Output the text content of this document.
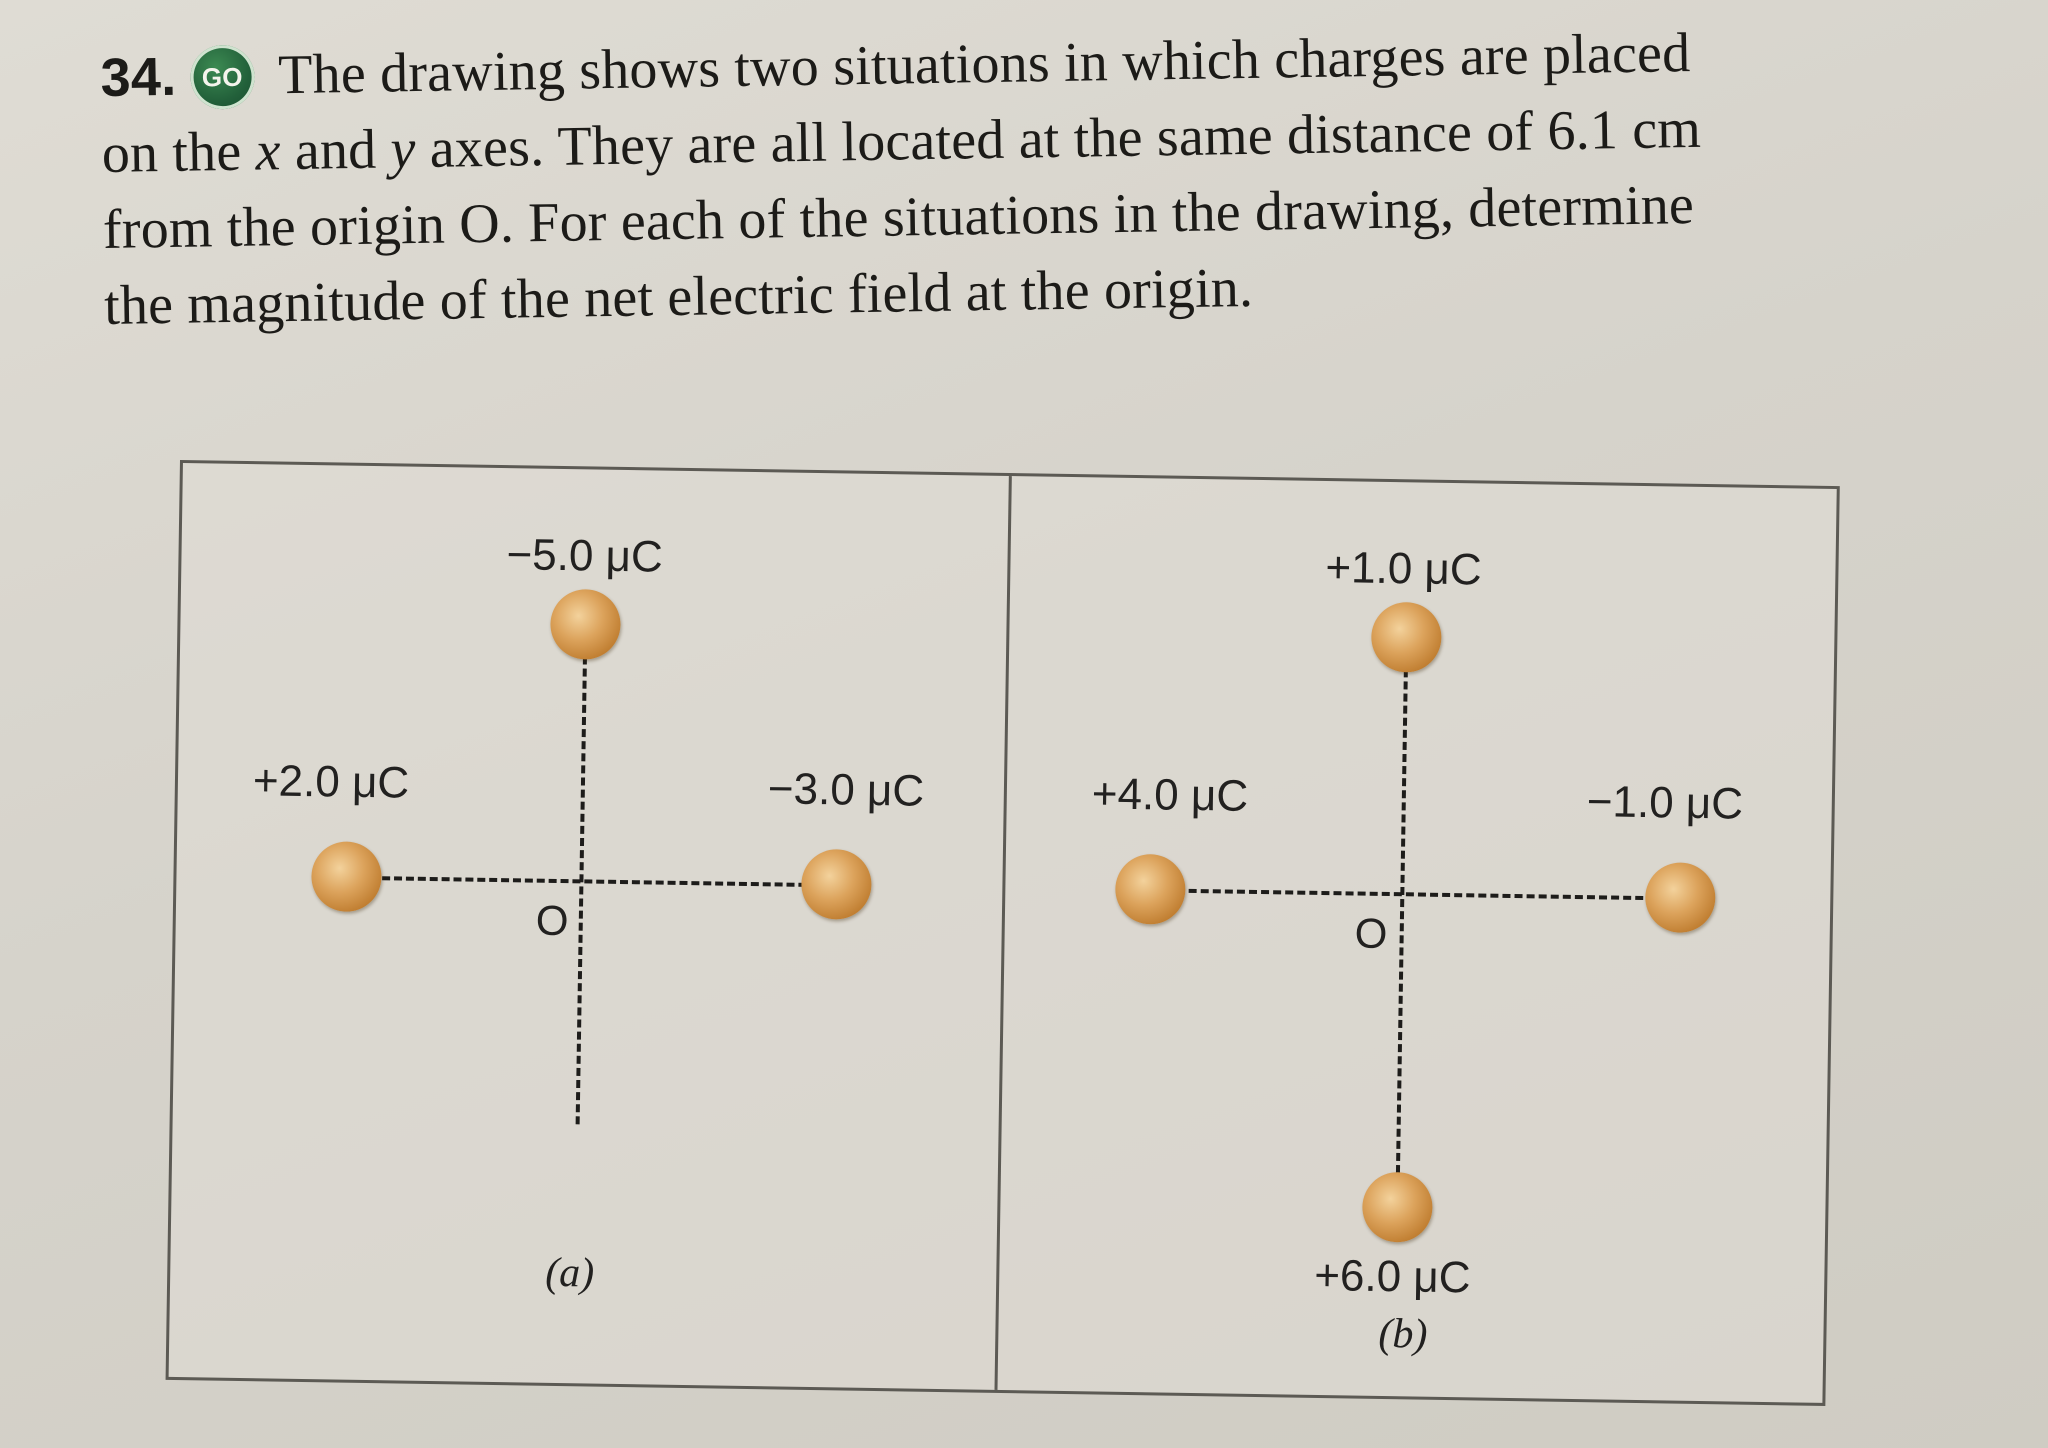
34. GO The drawing shows two situations in which charges are placed
on the x and y axes. They are all located at the same distance of 6.1 cm
from the origin O. For each of the situations in the drawing, determine
the magnitude of the net electric field at the origin.
−5.0 μC
+2.0 μC	−3.0 μC
O
(a)
+1.0 μC
+4.0 μC	−1.0 μC
O
+6.0 μC
(b)
